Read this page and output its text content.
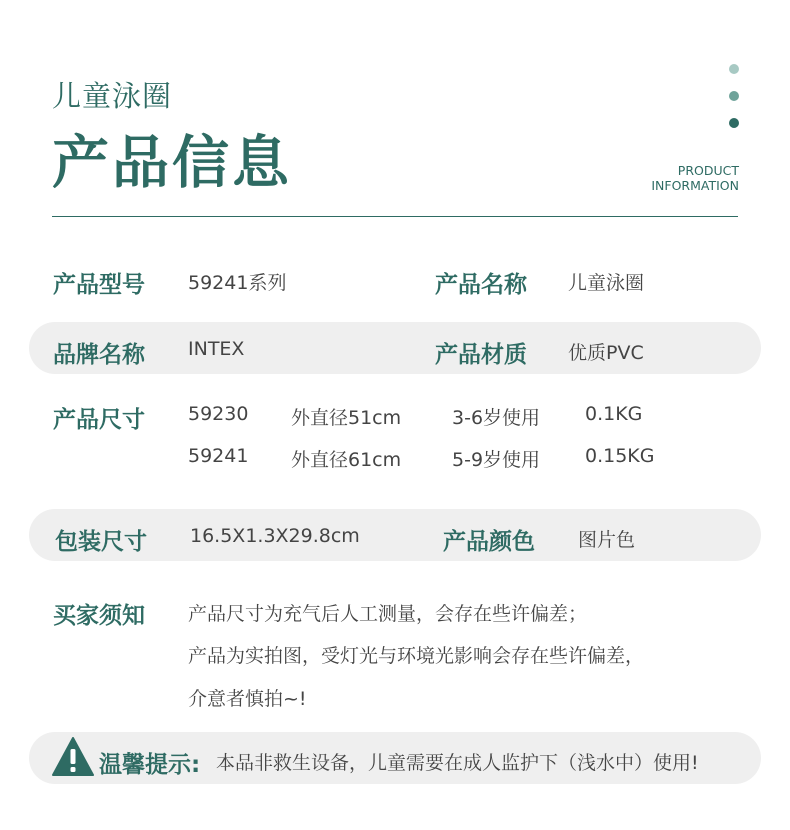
儿童泳圈
产品信息	PRODUCT
INFORMATION
产品型号 59241系列	产品名称 儿童泳圈
品牌名称 INTEX	产品材质 优质PVC
产品尺寸 59230 外直径51cm	3-6岁使用 0.1KG
59241 外直径61cm	5-9岁使用 0.15KG
包装尺寸 16.5X1.3X29.8cm	产品颜色 图片色
买家须知 产品尺寸为充气后人工测量，会存在些许偏差；
产品为实拍图，受灯光与环境光影响会存在些许偏差，
介意者慎拍~!
温馨提示: 本品非救生设备，儿童需要在成人监护下（浅水中）使用!
